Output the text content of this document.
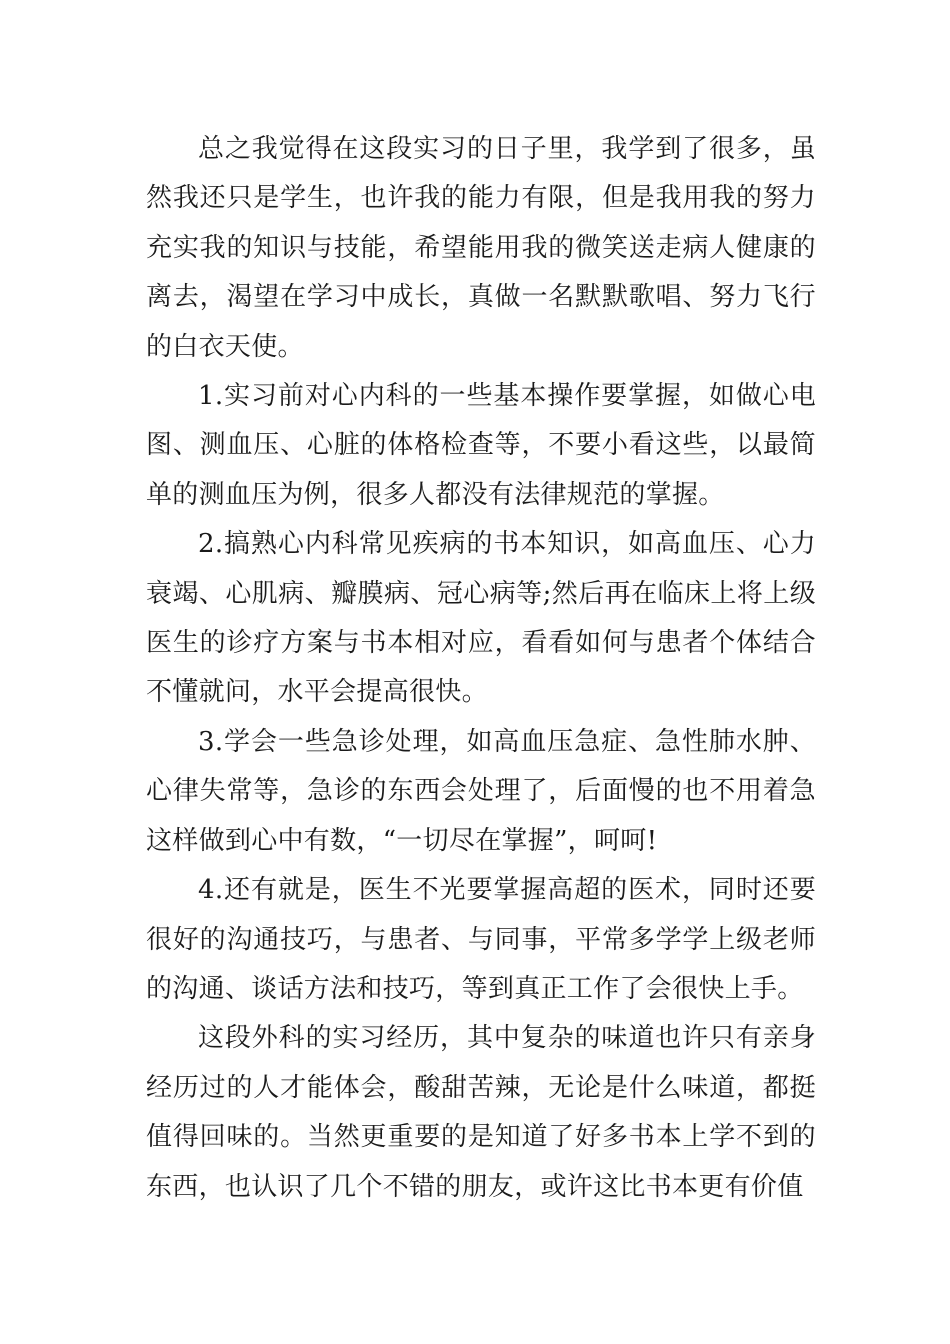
总之我觉得在这段实习的日子里，我学到了很多，虽然我还只是学生，也许我的能力有限，但是我用我的努力充实我的知识与技能，希望能用我的微笑送走病人健康的离去，渴望在学习中成长，真做一名默默歌唱、努力飞行的白衣天使。

1.实习前对心内科的一些基本操作要掌握，如做心电图、测血压、心脏的体格检查等，不要小看这些，以最简单的测血压为例，很多人都没有法律规范的掌握。

2.搞熟心内科常见疾病的书本知识，如高血压、心力衰竭、心肌病、瓣膜病、冠心病等;然后再在临床上将上级医生的诊疗方案与书本相对应，看看如何与患者个体结合不懂就问，水平会提高很快。

3.学会一些急诊处理，如高血压急症、急性肺水肿、心律失常等，急诊的东西会处理了，后面慢的也不用着急这样做到心中有数，“一切尽在掌握”，呵呵!

4.还有就是，医生不光要掌握高超的医术，同时还要很好的沟通技巧，与患者、与同事，平常多学学上级老师的沟通、谈话方法和技巧，等到真正工作了会很快上手。

这段外科的实习经历，其中复杂的味道也许只有亲身经历过的人才能体会，酸甜苦辣，无论是什么味道，都挺值得回味的。当然更重要的是知道了好多书本上学不到的东西，也认识了几个不错的朋友，或许这比书本更有价值
